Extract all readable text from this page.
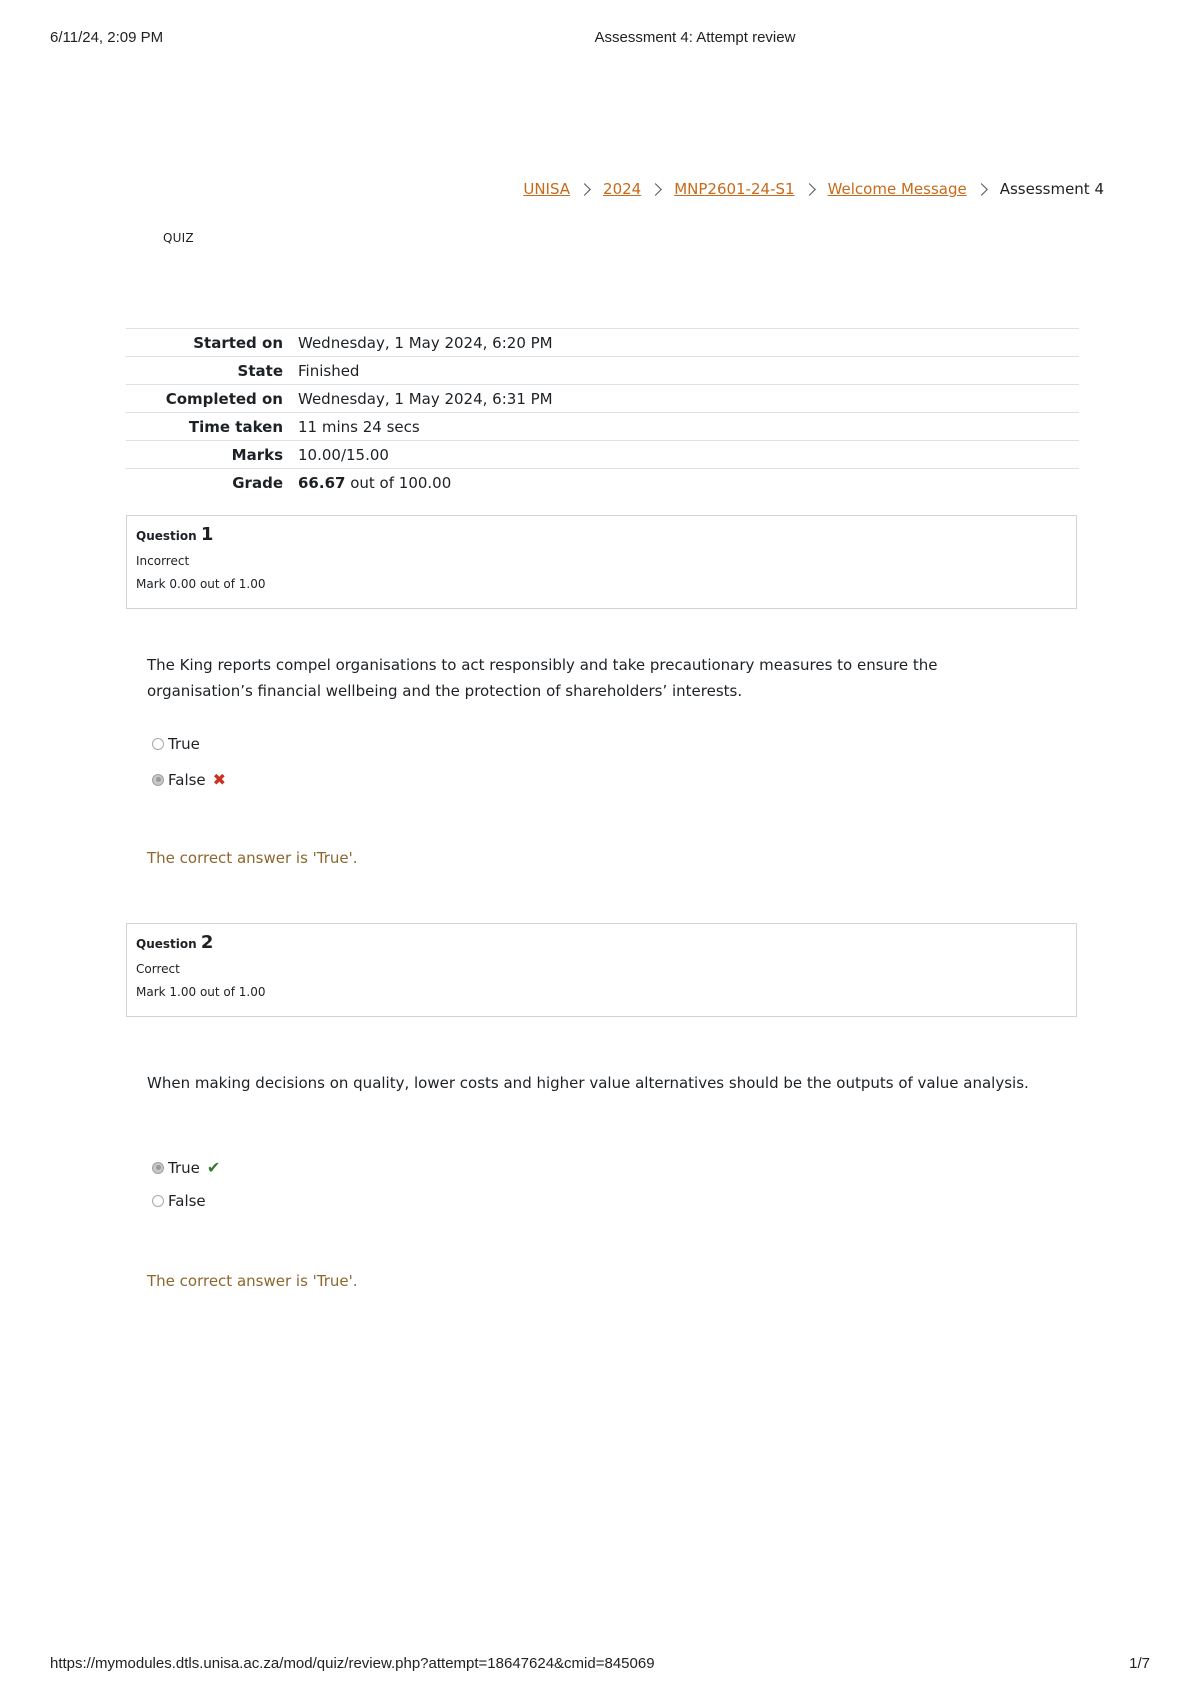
6/11/24, 2:09 PM	Assessment 4: Attempt review
UNISA 2024 MNP2601-24-S1 Welcome Message Assessment 4
QUIZ
Started on	Wednesday, 1 May 2024, 6:20 PM
State	Finished
Completed on	Wednesday, 1 May 2024, 6:31 PM
Time taken	11 mins 24 secs
Marks	10.00/15.00
Grade	66.67 out of 100.00
Question 1
Incorrect
Mark 0.00 out of 1.00
The King reports compel organisations to act responsibly and take precautionary measures to ensure the organisation’s financial wellbeing and the protection of shareholders’ interests.
True
False ✖
The correct answer is 'True'.
Question 2
Correct
Mark 1.00 out of 1.00
When making decisions on quality, lower costs and higher value alternatives should be the outputs of value analysis.
True ✔
False
The correct answer is 'True'.
https://mymodules.dtls.unisa.ac.za/mod/quiz/review.php?attempt=18647624&cmid=845069	1/7
